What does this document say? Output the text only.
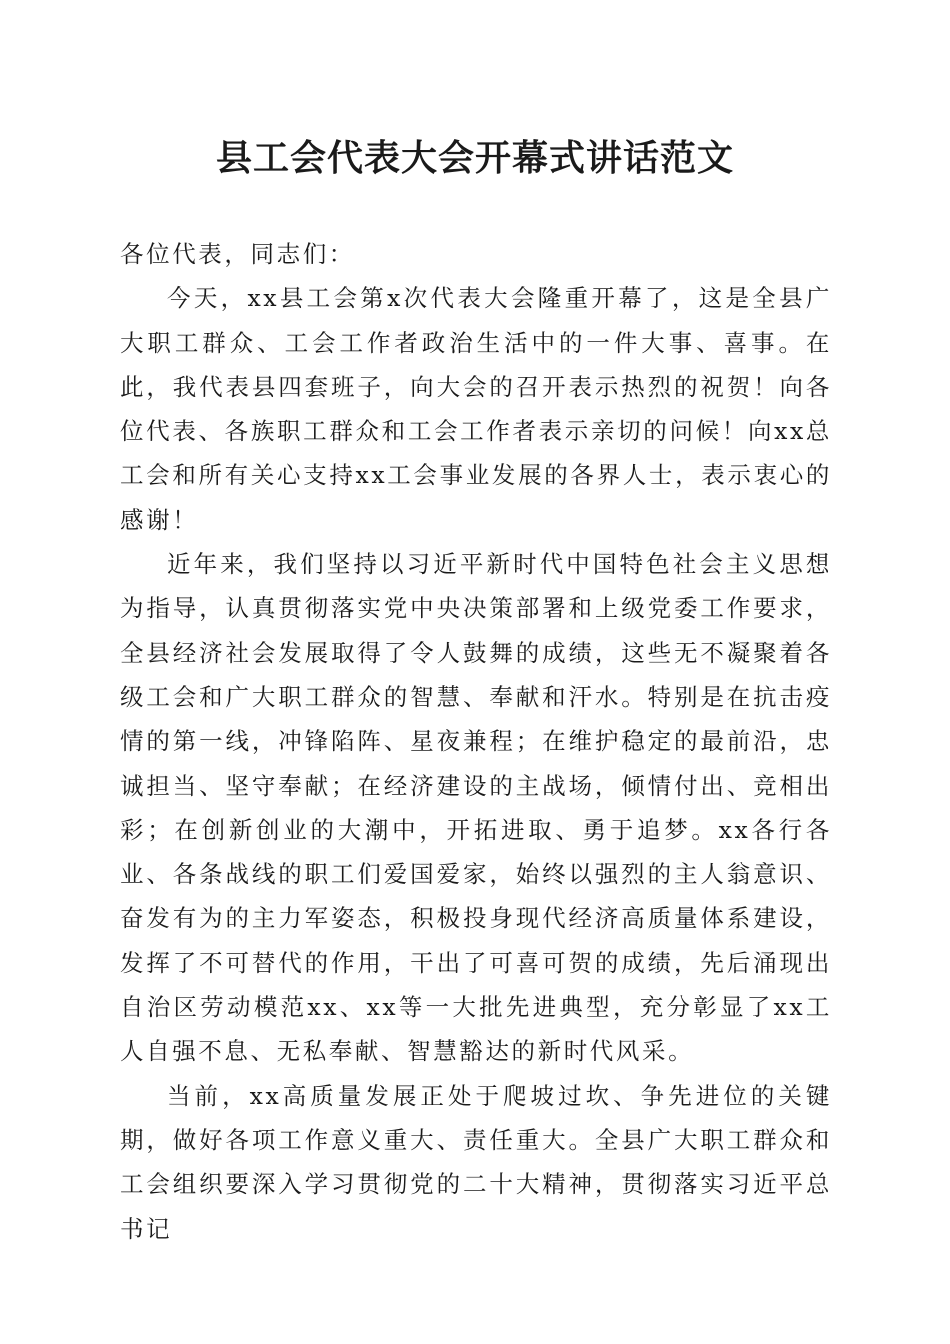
县工会代表大会开幕式讲话范文

各位代表，同志们：

今天，xx县工会第x次代表大会隆重开幕了，这是全县广大职工群众、工会工作者政治生活中的一件大事、喜事。在此，我代表县四套班子，向大会的召开表示热烈的祝贺！向各位代表、各族职工群众和工会工作者表示亲切的问候！向xx总工会和所有关心支持xx工会事业发展的各界人士，表示衷心的感谢！

近年来，我们坚持以习近平新时代中国特色社会主义思想为指导，认真贯彻落实党中央决策部署和上级党委工作要求，全县经济社会发展取得了令人鼓舞的成绩，这些无不凝聚着各级工会和广大职工群众的智慧、奉献和汗水。特别是在抗击疫情的第一线，冲锋陷阵、星夜兼程；在维护稳定的最前沿，忠诚担当、坚守奉献；在经济建设的主战场，倾情付出、竞相出彩；在创新创业的大潮中，开拓进取、勇于追梦。xx各行各业、各条战线的职工们爱国爱家，始终以强烈的主人翁意识、奋发有为的主力军姿态，积极投身现代经济高质量体系建设，发挥了不可替代的作用，干出了可喜可贺的成绩，先后涌现出自治区劳动模范xx、xx等一大批先进典型，充分彰显了xx工人自强不息、无私奉献、智慧豁达的新时代风采。

当前，xx高质量发展正处于爬坡过坎、争先进位的关键期，做好各项工作意义重大、责任重大。全县广大职工群众和工会组织要深入学习贯彻党的二十大精神，贯彻落实习近平总书记
